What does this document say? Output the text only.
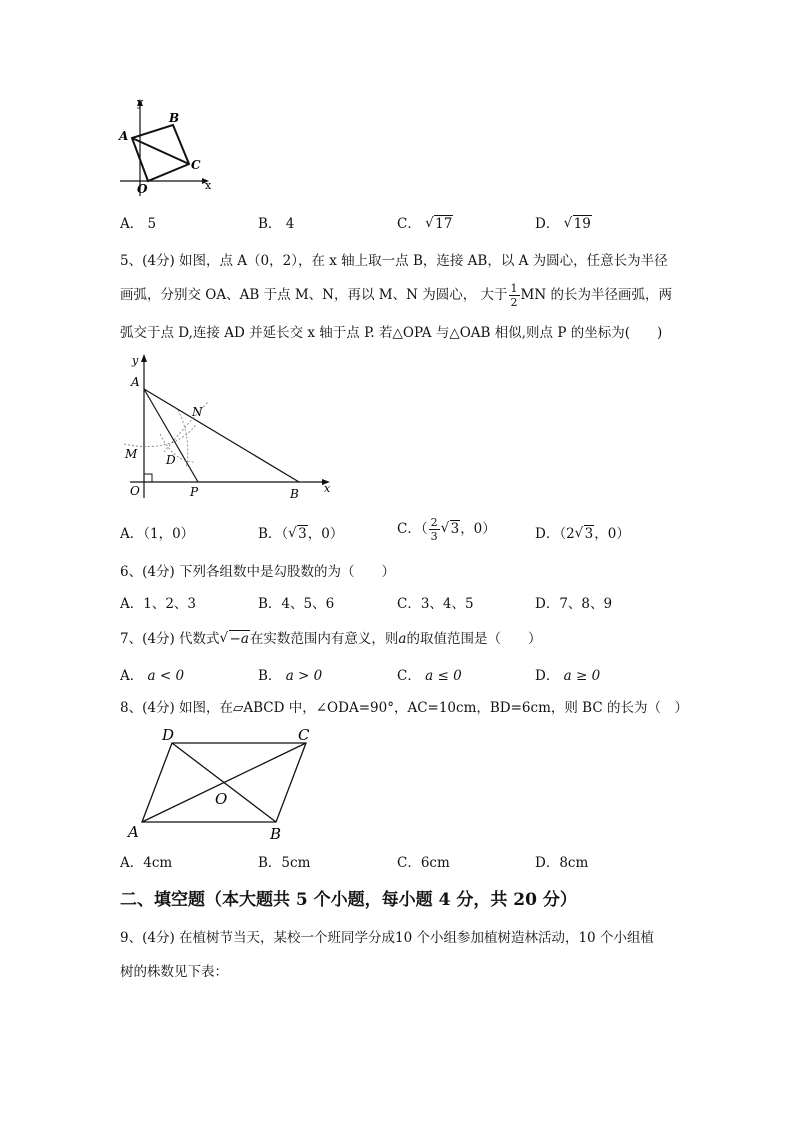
y
x
A
B
C
O
A． 5	B． 4	C． √ 17	D． √ 19
5、(4分) 如图，点 A（0，2），在 x 轴上取一点 B，连接 AB，以 A 为圆心，任意长为半径
画弧，分别交 OA、AB 于点 M、N，再以 M、N 为圆心， 大于 $\frac{1}{2}$ MN 的长为半径画弧，两
弧交于点 D,连接 AD 并延长交 x 轴于点 P. 若△OPA 与△OAB 相似,则点 P 的坐标为(　　)
y
x
A
N
M D
O	P	B
A．（1，0）	B．（ √ 3，0）	C．（ $\frac{2}{3}$ √ 3，0）	D．（2 √ 3，0）
6、(4分) 下列各组数中是勾股数的为（　　）
A．1、2、3	B．4、5、6	C．3、4、5	D．7、8、9
7、(4分) 代数式 √ −a在实数范围内有意义，则a的取值范围是（　　）
A． a < 0	B． a > 0	C． a ≤ 0	D． a ≥ 0
8、(4分) 如图，在▱ABCD 中，∠ODA=90°，AC=10cm，BD=6cm，则 BC 的长为（　）
A	B
C
D
O
A．4cm	B．5cm	C．6cm	D．8cm
二、填空题（本大题共 5 个小题，每小题 4 分，共 20 分）
9、(4分) 在植树节当天，某校一个班同学分成10 个小组参加植树造林活动，10 个小组植
树的株数见下表：
